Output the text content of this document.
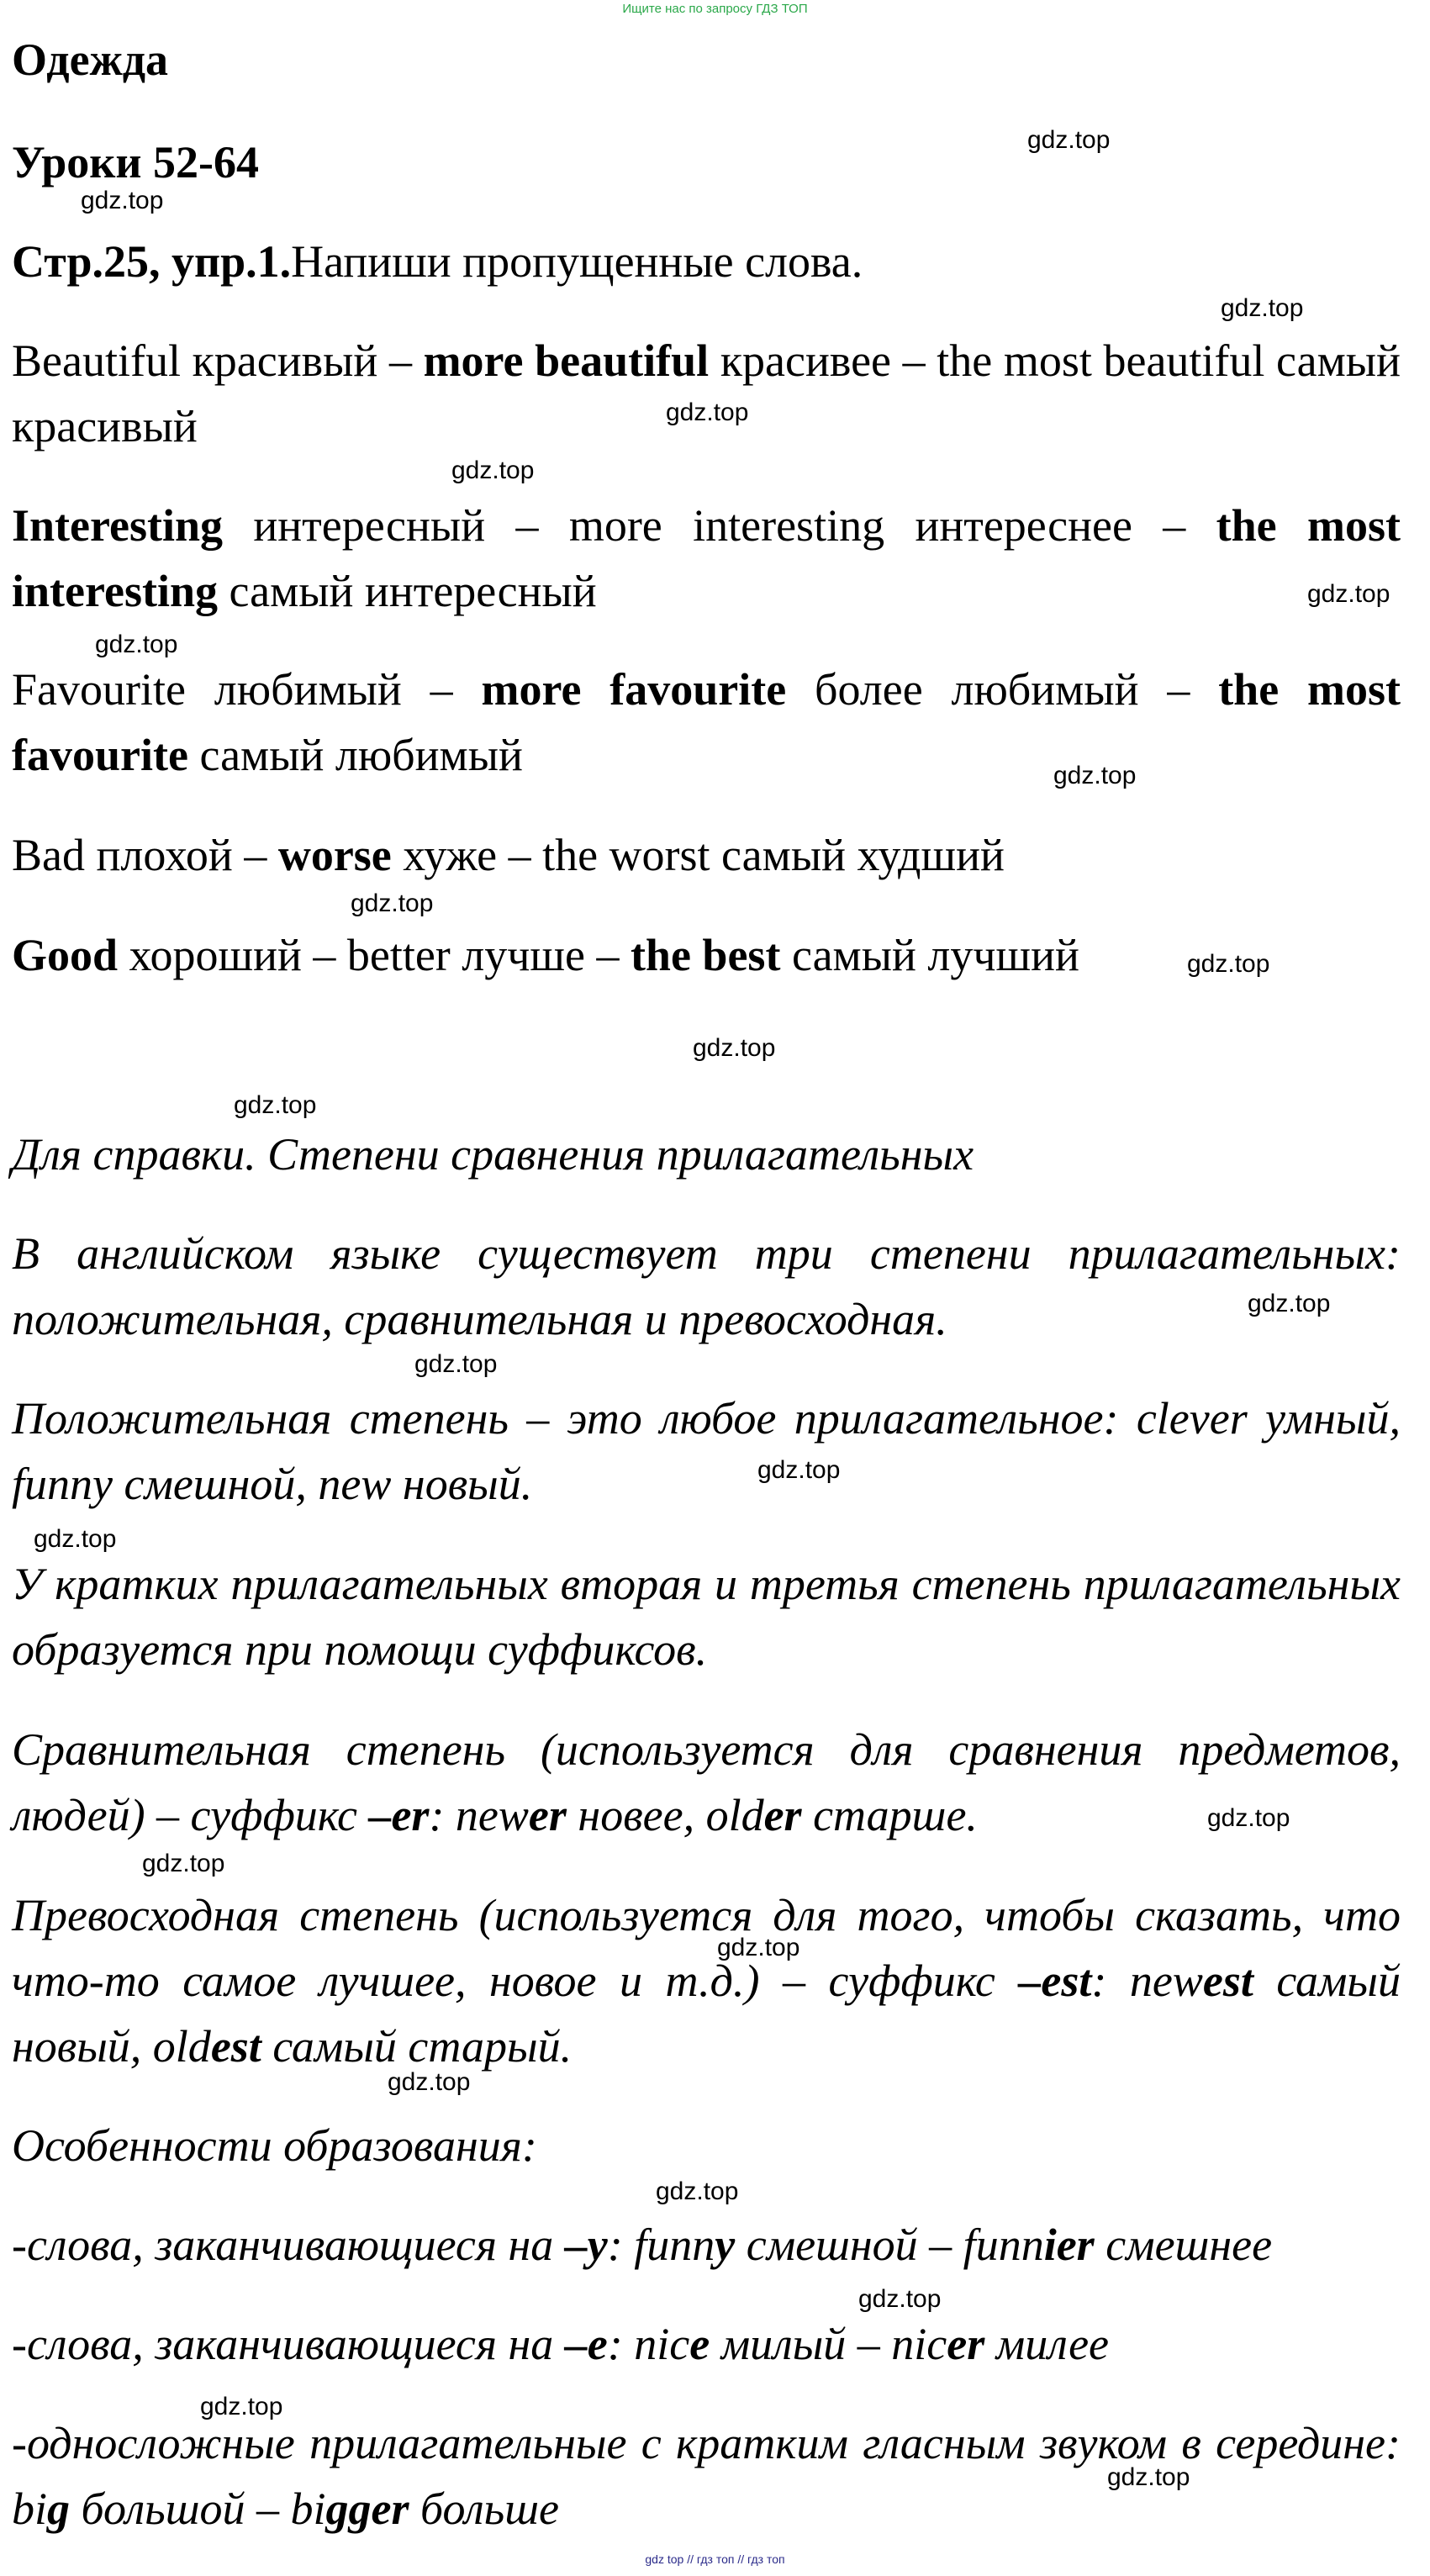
Ищите нас по запросу ГДЗ ТОП
Одежда
Уроки 52-64
Стр.25, упр.1.Напиши пропущенные слова.
Beautiful красивый – more beautiful красивее – the most beautiful самый красивый
Interesting интересный – more interesting интереснее – the most interesting самый интересный
Favourite любимый – more favourite более любимый – the most favourite самый любимый
Bad плохой – worse хуже – the worst самый худший
Good хороший – better лучше – the best самый лучший
Для справки. Степени сравнения прилагательных
В английском языке существует три степени прилагательных: положительная, сравнительная и превосходная.
Положительная степень – это любое прилагательное: clever умный, funny смешной, new новый.
У кратких прилагательных вторая и третья степень прилагательных образуется при помощи суффиксов.
Сравнительная степень (используется для сравнения предметов, людей) – суффикс –er: newer новее, older старше.
Превосходная степень (используется для того, чтобы сказать, что что-то самое лучшее, новое и т.д.) – суффикс –est: newest самый новый, oldest самый старый.
Особенности образования:
-слова, заканчивающиеся на –y: funny смешной – funnier смешнее
-слова, заканчивающиеся на –e: nice милый – nicer милее
-односложные прилагательные с кратким гласным звуком в середине: big большой – bigger больше
gdz.top
gdz.top
gdz.top
gdz.top
gdz.top
gdz.top
gdz.top
gdz.top
gdz.top
gdz.top
gdz.top
gdz.top
gdz.top
gdz.top
gdz.top
gdz.top
gdz.top
gdz.top
gdz.top
gdz.top
gdz.top
gdz.top
gdz.top
gdz.top
gdz top // гдз топ // гдз топ
